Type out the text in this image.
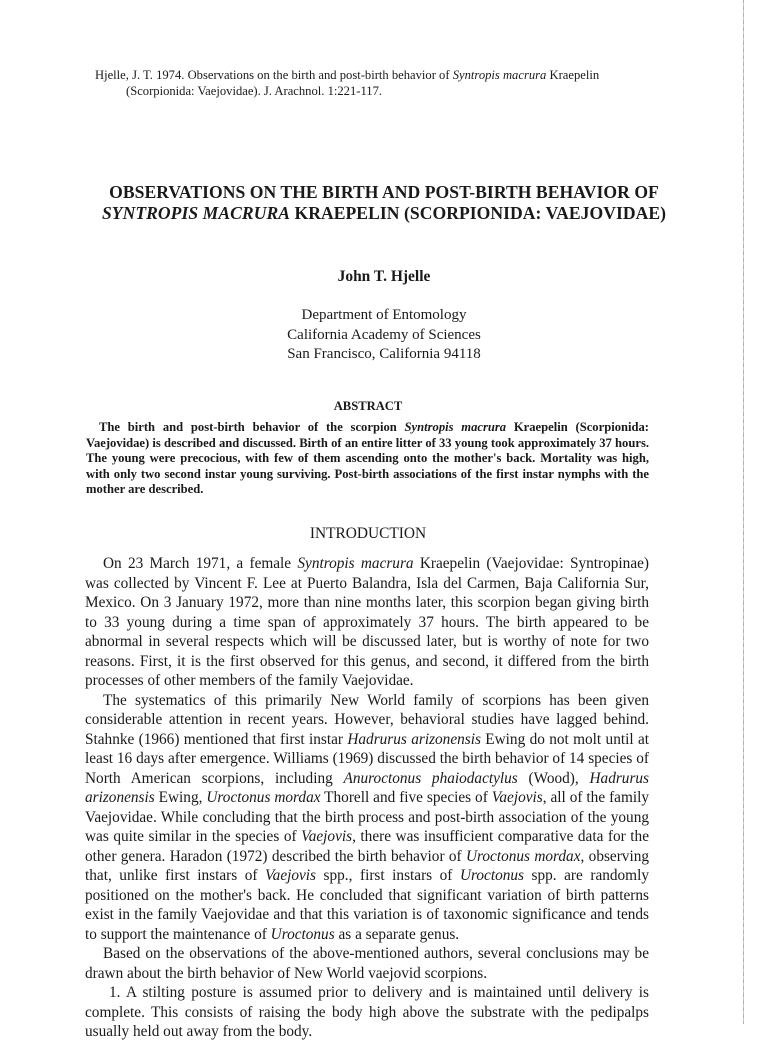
Hjelle, J. T. 1974. Observations on the birth and post-birth behavior of Syntropis macrura Kraepelin
(Scorpionida: Vaejovidae). J. Arachnol. 1:221-117.
OBSERVATIONS ON THE BIRTH AND POST-BIRTH BEHAVIOR OF
SYNTROPIS MACRURA KRAEPELIN (SCORPIONIDA: VAEJOVIDAE)
John T. Hjelle
Department of Entomology
California Academy of Sciences
San Francisco, California 94118
ABSTRACT
The birth and post-birth behavior of the scorpion Syntropis macrura Kraepelin (Scorpionida: Vaejovidae) is described and discussed. Birth of an entire litter of 33 young took approximately 37 hours. The young were precocious, with few of them ascending onto the mother's back. Mortality was high, with only two second instar young surviving. Post-birth associations of the first instar nymphs with the mother are described.
INTRODUCTION

On 23 March 1971, a female Syntropis macrura Kraepelin (Vaejovidae: Syntropinae) was collected by Vincent F. Lee at Puerto Balandra, Isla del Carmen, Baja California Sur, Mexico. On 3 January 1972, more than nine months later, this scorpion began giving birth to 33 young during a time span of approximately 37 hours. The birth appeared to be abnormal in several respects which will be discussed later, but is worthy of note for two reasons. First, it is the first observed for this genus, and second, it differed from the birth processes of other members of the family Vaejovidae.

The systematics of this primarily New World family of scorpions has been given considerable attention in recent years. However, behavioral studies have lagged behind. Stahnke (1966) mentioned that first instar Hadrurus arizonensis Ewing do not molt until at least 16 days after emergence. Williams (1969) discussed the birth behavior of 14 species of North American scorpions, including Anuroctonus phaiodactylus (Wood), Hadrurus arizonensis Ewing, Uroctonus mordax Thorell and five species of Vaejovis, all of the family Vaejovidae. While concluding that the birth process and post-birth association of the young was quite similar in the species of Vaejovis, there was insufficient comparative data for the other genera. Haradon (1972) described the birth behavior of Uroctonus mordax, observing that, unlike first instars of Vaejovis spp., first instars of Uroctonus spp. are randomly positioned on the mother's back. He concluded that significant variation of birth patterns exist in the family Vaejovidae and that this variation is of taxonomic significance and tends to support the maintenance of Uroctonus as a separate genus.

Based on the observations of the above-mentioned authors, several conclusions may be drawn about the birth behavior of New World vaejovid scorpions.

1. A stilting posture is assumed prior to delivery and is maintained until delivery is complete. This consists of raising the body high above the substrate with the pedipalps usually held out away from the body.
